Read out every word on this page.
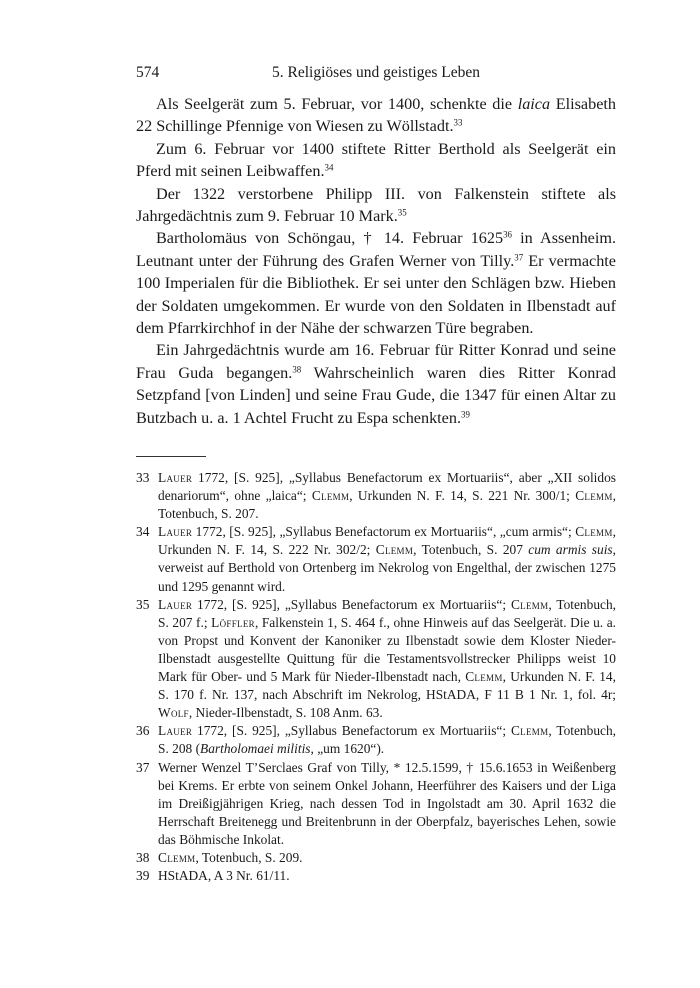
574	5. Religiöses und geistiges Leben

Als Seelgerät zum 5. Februar, vor 1400, schenkte die laica Elisabeth 22 Schillinge Pfennige von Wiesen zu Wöllstadt.$^{33}$

Zum 6. Februar vor 1400 stiftete Ritter Berthold als Seelgerät ein Pferd mit seinen Leibwaffen.$^{34}$

Der 1322 verstorbene Philipp III. von Falkenstein stiftete als Jahrgedächtnis zum 9. Februar 10 Mark.$^{35}$

Bartholomäus von Schöngau, † 14. Februar 1625$^{36}$ in Assenheim. Leutnant unter der Führung des Grafen Werner von Tilly.$^{37}$ Er vermachte 100 Imperialen für die Bibliothek. Er sei unter den Schlägen bzw. Hieben der Soldaten umgekommen. Er wurde von den Soldaten in Ilbenstadt auf dem Pfarrkirchhof in der Nähe der schwarzen Türe begraben.

Ein Jahrgedächtnis wurde am 16. Februar für Ritter Konrad und seine Frau Guda begangen.$^{38}$ Wahrscheinlich waren dies Ritter Konrad Setzpfand [von Linden] und seine Frau Gude, die 1347 für einen Altar zu Butzbach u. a. 1 Achtel Frucht zu Espa schenkten.$^{39}$

33 Lauer 1772, [S. 925], „Syllabus Benefactorum ex Mortuariis“, aber „XII solidos denariorum“, ohne „laica“; Clemm, Urkunden N. F. 14, S. 221 Nr. 300/1; Clemm, Totenbuch, S. 207.

34 Lauer 1772, [S. 925], „Syllabus Benefactorum ex Mortuariis“, „cum armis“; Clemm, Urkunden N. F. 14, S. 222 Nr. 302/2; Clemm, Totenbuch, S. 207 cum armis suis, verweist auf Berthold von Ortenberg im Nekrolog von Engelthal, der zwischen 1275 und 1295 genannt wird.

35 Lauer 1772, [S. 925], „Syllabus Benefactorum ex Mortuariis“; Clemm, Totenbuch, S. 207 f.; Löffler, Falkenstein 1, S. 464 f., ohne Hinweis auf das Seelgerät. Die u. a. von Propst und Konvent der Kanoniker zu Ilbenstadt sowie dem Kloster Nieder-Ilbenstadt ausgestellte Quittung für die Testamentsvollstrecker Philipps weist 10 Mark für Ober- und 5 Mark für Nieder-Ilbenstadt nach, Clemm, Urkunden N. F. 14, S. 170 f. Nr. 137, nach Abschrift im Nekrolog, HStADA, F 11 B 1 Nr. 1, fol. 4r; Wolf, Nieder-Ilbenstadt, S. 108 Anm. 63.

36 Lauer 1772, [S. 925], „Syllabus Benefactorum ex Mortuariis“; Clemm, Totenbuch, S. 208 (Bartholomaei militis, „um 1620“).

37 Werner Wenzel T’Serclaes Graf von Tilly, * 12.5.1599, † 15.6.1653 in Weißenberg bei Krems. Er erbte von seinem Onkel Johann, Heerführer des Kaisers und der Liga im Dreißigjährigen Krieg, nach dessen Tod in Ingolstadt am 30. April 1632 die Herrschaft Breitenegg und Breitenbrunn in der Oberpfalz, bayerisches Lehen, sowie das Böhmische Inkolat.

38 Clemm, Totenbuch, S. 209.

39 HStADA, A 3 Nr. 61/11.
